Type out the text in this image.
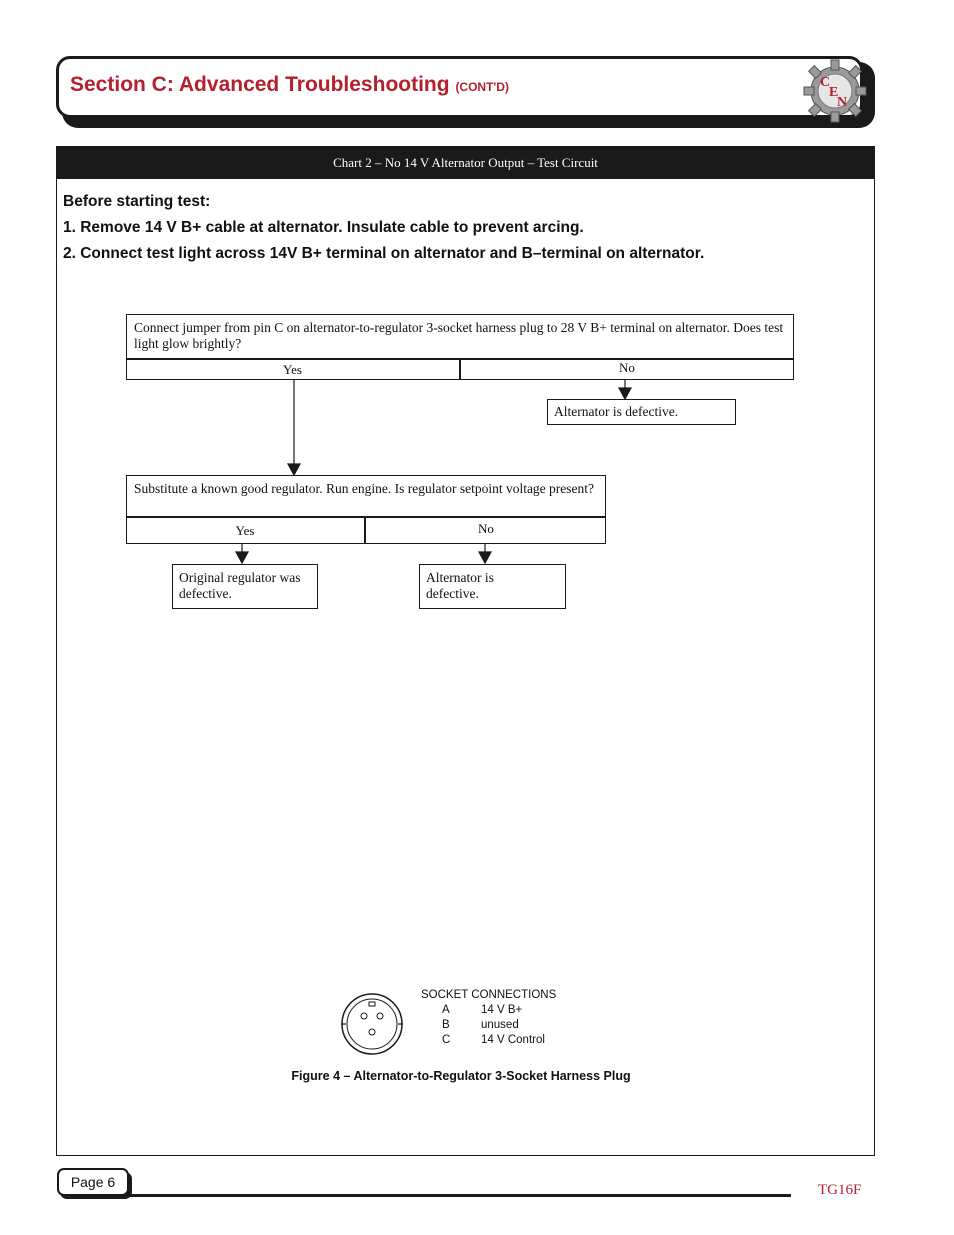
Section C: Advanced Troubleshooting (CONT'D)	C
E
N
Chart 2 – No 14 V Alternator Output – Test Circuit
Before starting test:
1. Remove 14 V B+ cable at alternator. Insulate cable to prevent arcing.
2. Connect test light across 14V B+ terminal on alternator and B–terminal on alternator.
Connect jumper from pin C on alternator-to-regulator 3-socket harness plug to 28 V B+ terminal on alternator. Does test light glow brightly?
Yes	No
Alternator is defective.
Substitute a known good regulator. Run engine. Is regulator setpoint voltage present?
Yes	No
Original regulator was defective.
Alternator is defective.
SOCKET CONNECTIONS
A	14 V B+
B	unused
C	14 V Control
Figure 4 – Alternator-to-Regulator 3-Socket Harness Plug
Page 6	TG16F
